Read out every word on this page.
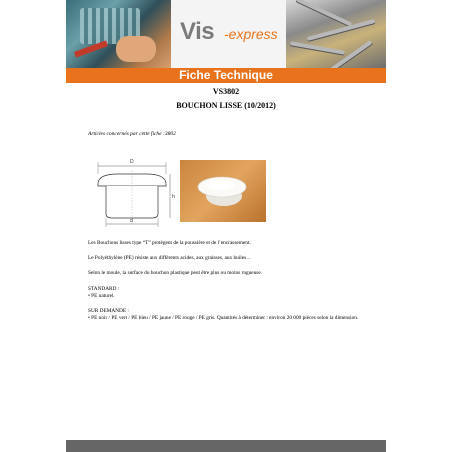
Vis -express
Fiche Technique
VS3802
BOUCHON LISSE (10/2012)
Articles concernés par cette fiche :3802
D
h
d
Les Bouchons lisses type “T” protègent de la poussière et de l’encrassement.
Le Polyéthylène (PE) résiste aux différents acides, aux graisses, aux huiles…
Selon le moule, la surface du bouchon plastique peut être plus ou moins rugueuse.
STANDARD :
• PE naturel.
SUR DEMANDE :
• PE noir / PE vert / PE bleu / PE jaune / PE rouge / PE gris. Quantités à déterminer : environ 20 000 pièces selon la dimension.
